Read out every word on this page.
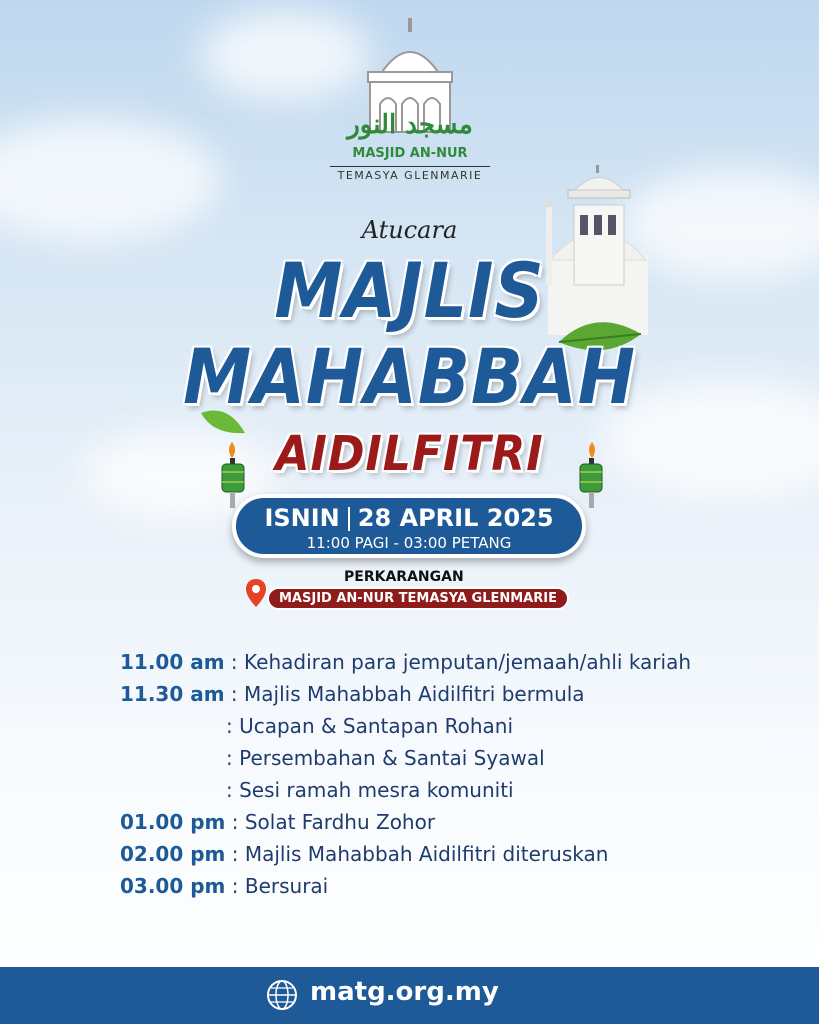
مسجد النور
MASJID AN-NUR
TEMASYA GLENMARIE
Atucara
MAJLIS
MAHABBAH
AIDILFITRI
ISNIN 28 APRIL 2025
11:00 PAGI - 03:00 PETANG
PERKARANGAN
MASJID AN-NUR TEMASYA GLENMARIE
11.00 am : Kehadiran para jemputan/jemaah/ahli kariah
11.30 am : Majlis Mahabbah Aidilfitri bermula
: Ucapan & Santapan Rohani
: Persembahan & Santai Syawal
: Sesi ramah mesra komuniti
01.00 pm : Solat Fardhu Zohor
02.00 pm : Majlis Mahabbah Aidilfitri diteruskan
03.00 pm : Bersurai
matg.org.my
